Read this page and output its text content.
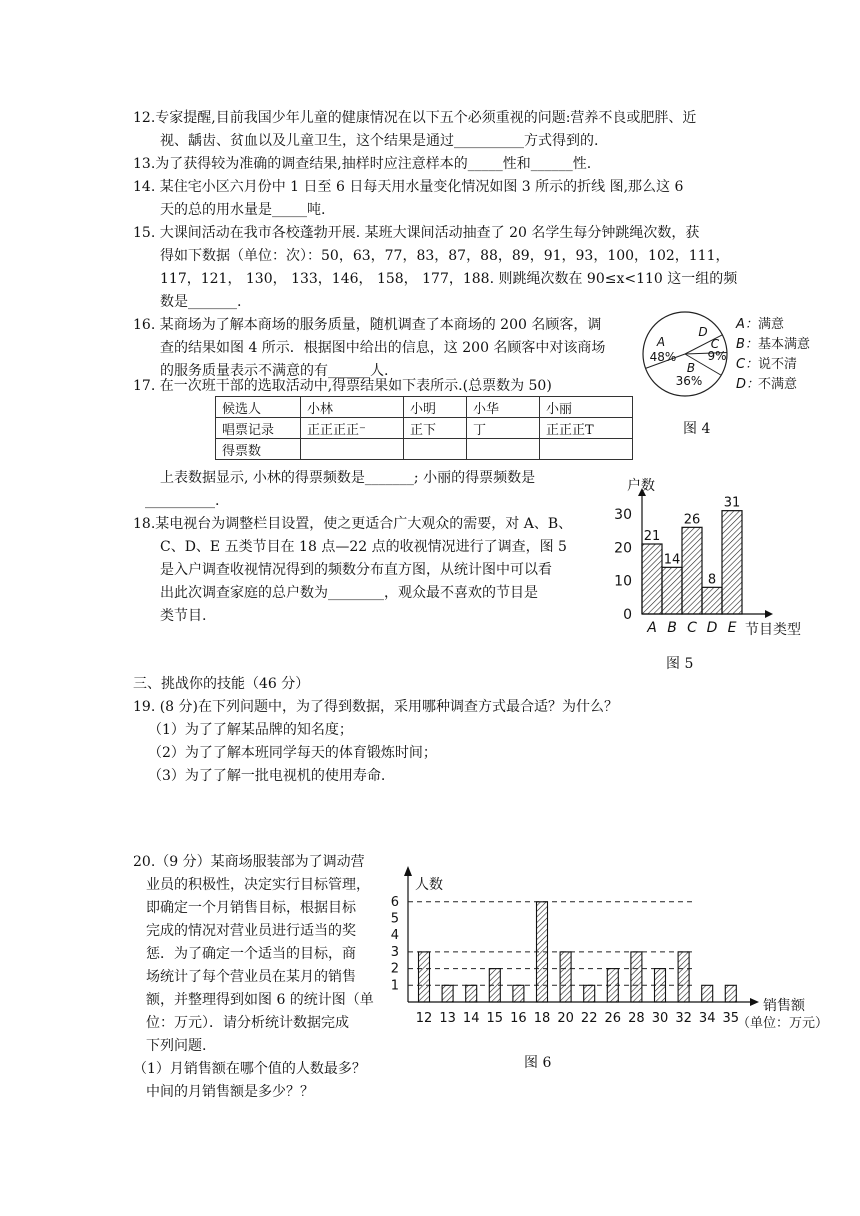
12.专家提醒,目前我国少年儿童的健康情况在以下五个必须重视的问题:营养不良或肥胖、近
视、龋齿、贫血以及儿童卫生，这个结果是通过__________方式得到的.
13.为了获得较为准确的调查结果,抽样时应注意样本的_____性和______性.
14. 某住宅小区六月份中 1 日至 6 日每天用水量变化情况如图 3 所示的折线 图,那么这 6
天的总的用水量是_____吨.
15. 大课间活动在我市各校蓬勃开展. 某班大课间活动抽查了 20 名学生每分钟跳绳次数，获
得如下数据（单位：次）：50，63，77，83，87，88，89，91，93，100，102，111，
117，121， 130， 133，146， 158， 177，188. 则跳绳次数在 90≤x<110 这一组的频
数是_______.
16. 某商场为了解本商场的服务质量，随机调查了本商场的 200 名顾客，调
查的结果如图 4 所示．根据图中给出的信息，这 200 名顾客中对该商场
的服务质量表示不满意的有______人.
A
48%
D
C
9%
B
36%
A： 满意
B： 基本满意
C： 说不清
D：
不满意
图 4
17. 在一次班干部的选取活动中,得票结果如下表所示.(总票数为 50)
候选人	小林	小明	小华	小丽
唱票记录	正正正正⁻	正下	丁	正正正T
得票数				
上表数据显示, 小林的得票频数是_______; 小丽的得票频数是
__________.
0
10
20
30
户数
节目类型
21
A
14
B
26
C
8
D
31
E
图 5
18.某电视台为调整栏目设置，使之更适合广大观众的需要，对 A、B、
C、D、E 五类节目在 18 点—22 点的收视情况进行了调查，图 5
是入户调查收视情况得到的频数分布直方图，从统计图中可以看
出此次调查家庭的总户数为________，观众最不喜欢的节目是
类节目.
三、挑战你的技能（46 分）
19. (8 分)在下列问题中，为了得到数据，采用哪种调查方式最合适？为什么？
（1）为了了解某品牌的知名度；
（2）为了了解本班同学每天的体育锻炼时间；
（3）为了了解一批电视机的使用寿命.
20.（9 分）某商场服装部为了调动营
业员的积极性，决定实行目标管理，
即确定一个月销售目标，根据目标
完成的情况对营业员进行适当的奖
惩．为了确定一个适当的目标，商
场统计了每个营业员在某月的销售
额，并整理得到如图 6 的统计图（单
位：万元）．请分析统计数据完成
下列问题.
（1）月销售额在哪个值的人数最多？
中间的月销售额是多少？？
人数
1
2
3
4
5
6
12 13 14 15 16 18 20 22 26 28 30 32 34 35
销售额
（单位：万元）
图 6
